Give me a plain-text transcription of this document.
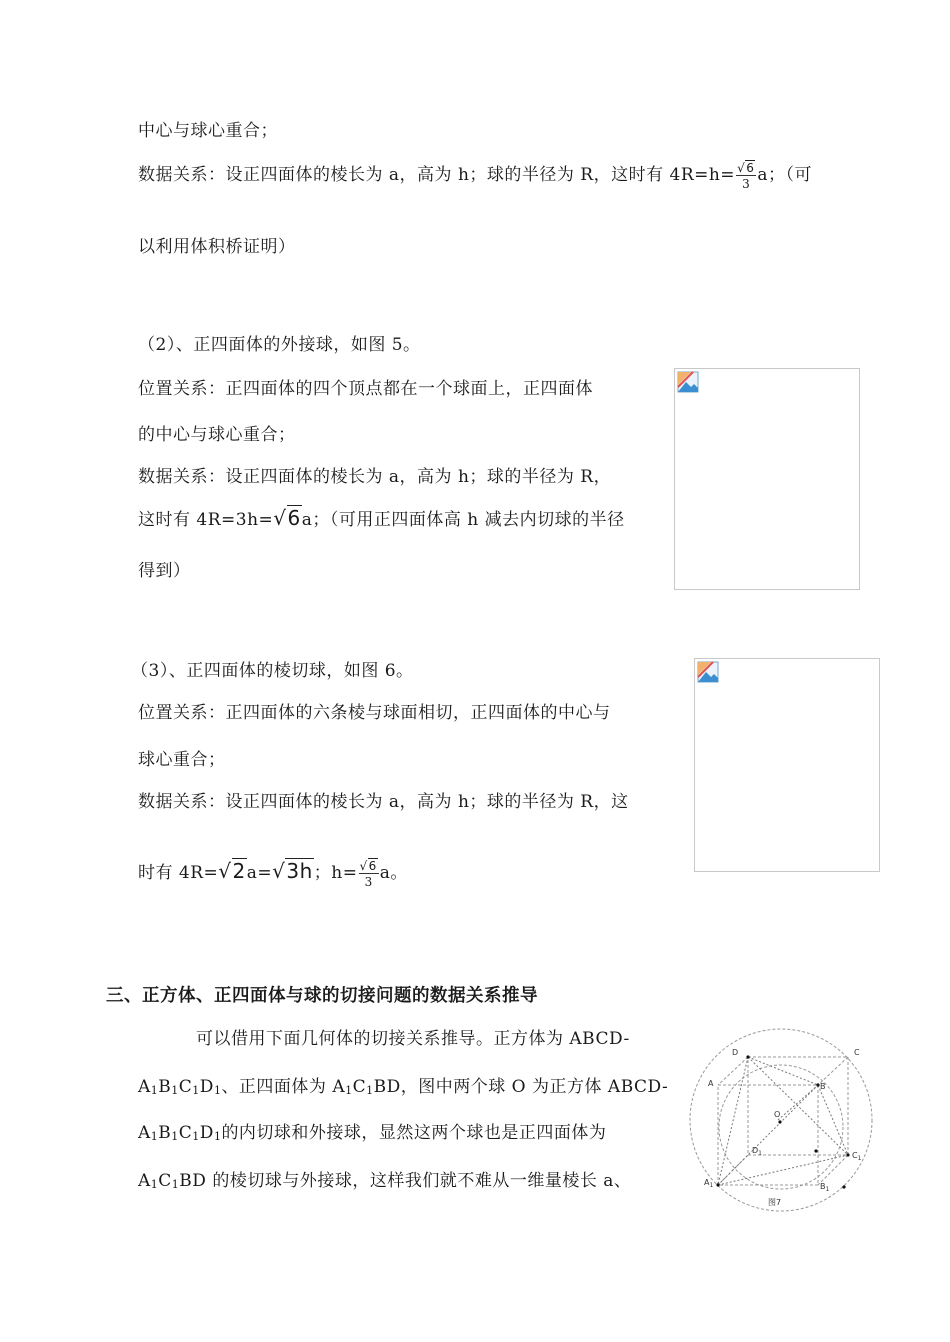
中心与球心重合；
数据关系：设正四面体的棱长为 a，高为 h；球的半径为 R，这时有 $4R=h= \frac{√6}{3}$ a；（可
以利用体积桥证明）
（2）、正四面体的外接球，如图 5。
位置关系：正四面体的四个顶点都在一个球面上，正四面体
的中心与球心重合；
数据关系：设正四面体的棱长为 a，高为 h；球的半径为 R，
这时有 4R=3h=√6a；（可用正四面体高 h 减去内切球的半径
得到）
（3）、正四面体的棱切球，如图 6。
位置关系：正四面体的六条棱与球面相切，正四面体的中心与
球心重合；
数据关系：设正四面体的棱长为 a，高为 h；球的半径为 R，这
时有 4R=√2a=√3h；$h= \frac{√6}{3}$ a。
三、正方体、正四面体与球的切接问题的数据关系推导
可以借用下面几何体的切接关系推导。正方体为 ABCD-
A1B1C1D1、正四面体为 A1C1BD，图中两个球 O 为正方体 ABCD-
A1B1C1D1的内切球和外接球，显然这两个球也是正四面体为
A1C1BD 的棱切球与外接球，这样我们就不难从一维量棱长 a、
D	C
A	B
O
$D_1$	$C_1$
$A_1$	$B_1$
图7
